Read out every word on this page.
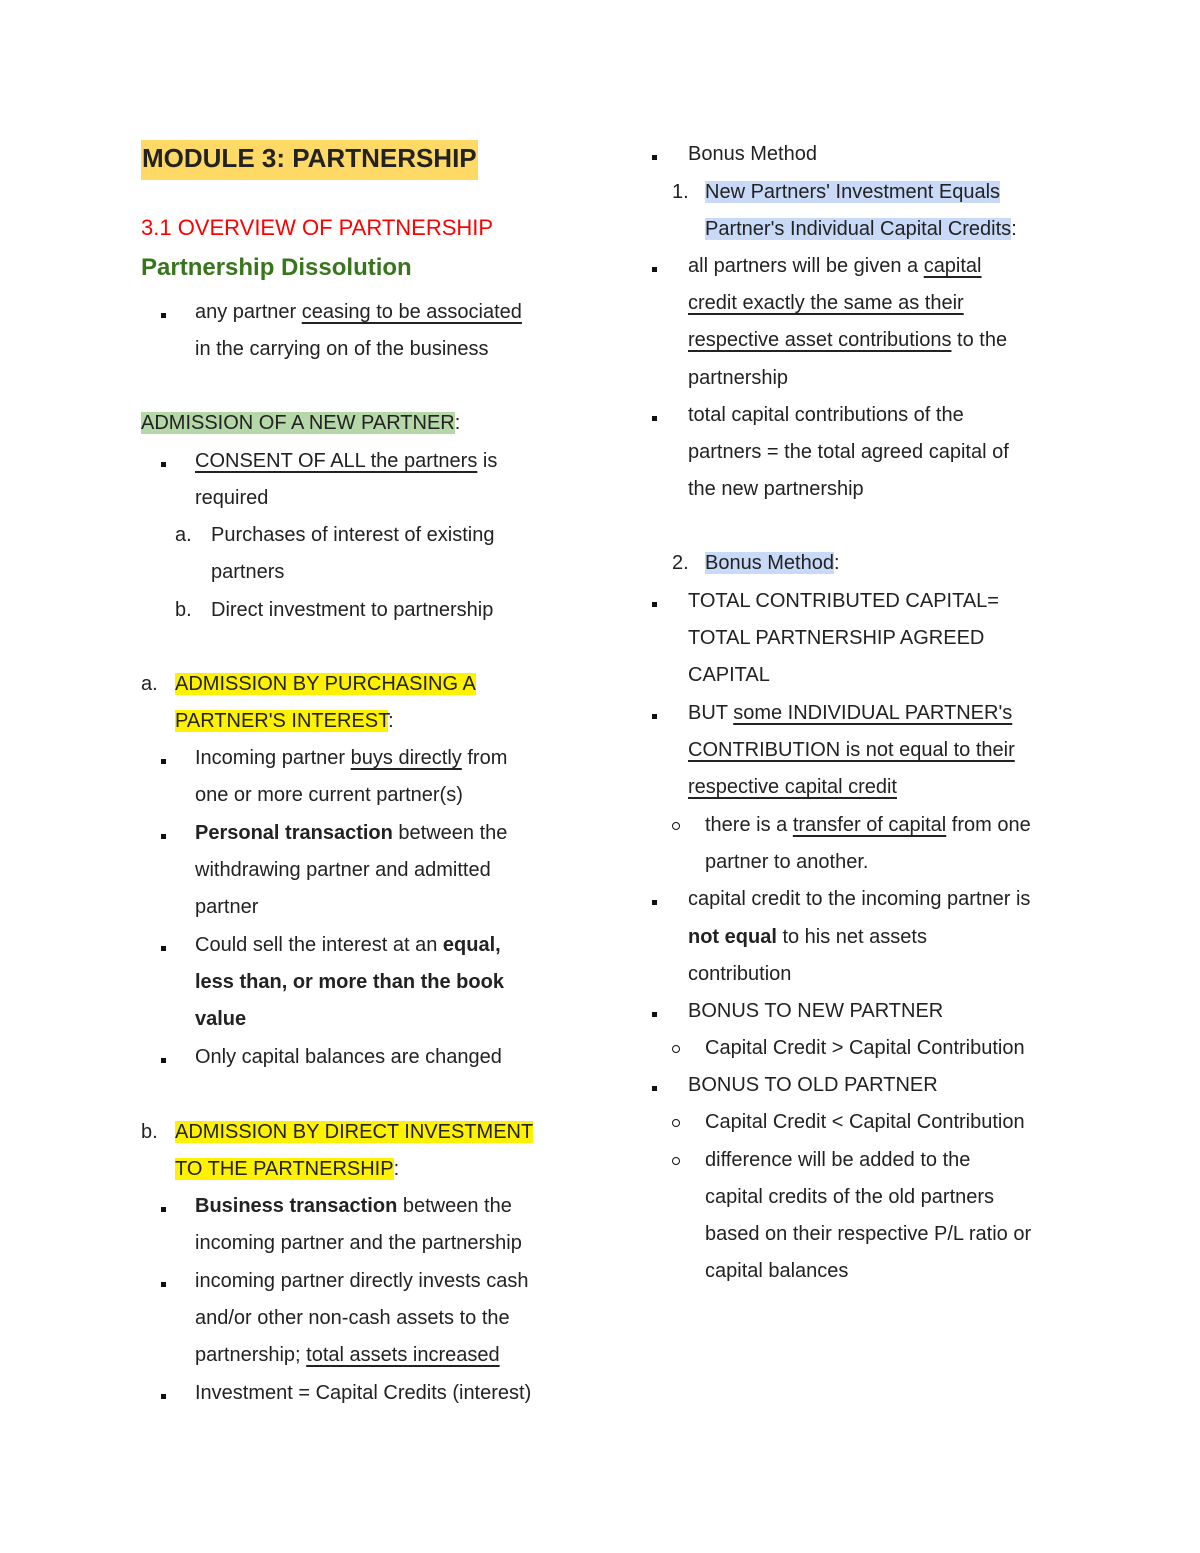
MODULE 3: PARTNERSHIP
3.1 OVERVIEW OF PARTNERSHIP
Partnership Dissolution
any partner ceasing to be associated
in the carrying on of the business
ADMISSION OF A NEW PARTNER:
CONSENT OF ALL the partners is
required
a. Purchases of interest of existing
partners
b. Direct investment to partnership
a. ADMISSION BY PURCHASING A
PARTNER'S INTEREST:
Incoming partner buys directly from
one or more current partner(s)
Personal transaction between the
withdrawing partner and admitted
partner
Could sell the interest at an equal,
less than, or more than the book
value
Only capital balances are changed
b. ADMISSION BY DIRECT INVESTMENT
TO THE PARTNERSHIP:
Business transaction between the
incoming partner and the partnership
incoming partner directly invests cash
and/or other non-cash assets to the
partnership; total assets increased
Investment = Capital Credits (interest)
Bonus Method
1. New Partners' Investment Equals
Partner's Individual Capital Credits:
all partners will be given a capital
credit exactly the same as their
respective asset contributions to the
partnership
total capital contributions of the
partners = the total agreed capital of
the new partnership
2. Bonus Method:
TOTAL CONTRIBUTED CAPITAL=
TOTAL PARTNERSHIP AGREED
CAPITAL
BUT some INDIVIDUAL PARTNER's
CONTRIBUTION is not equal to their
respective capital credit
there is a transfer of capital from one
partner to another.
capital credit to the incoming partner is
not equal to his net assets
contribution
BONUS TO NEW PARTNER
Capital Credit > Capital Contribution
BONUS TO OLD PARTNER
Capital Credit < Capital Contribution
difference will be added to the
capital credits of the old partners
based on their respective P/L ratio or
capital balances
